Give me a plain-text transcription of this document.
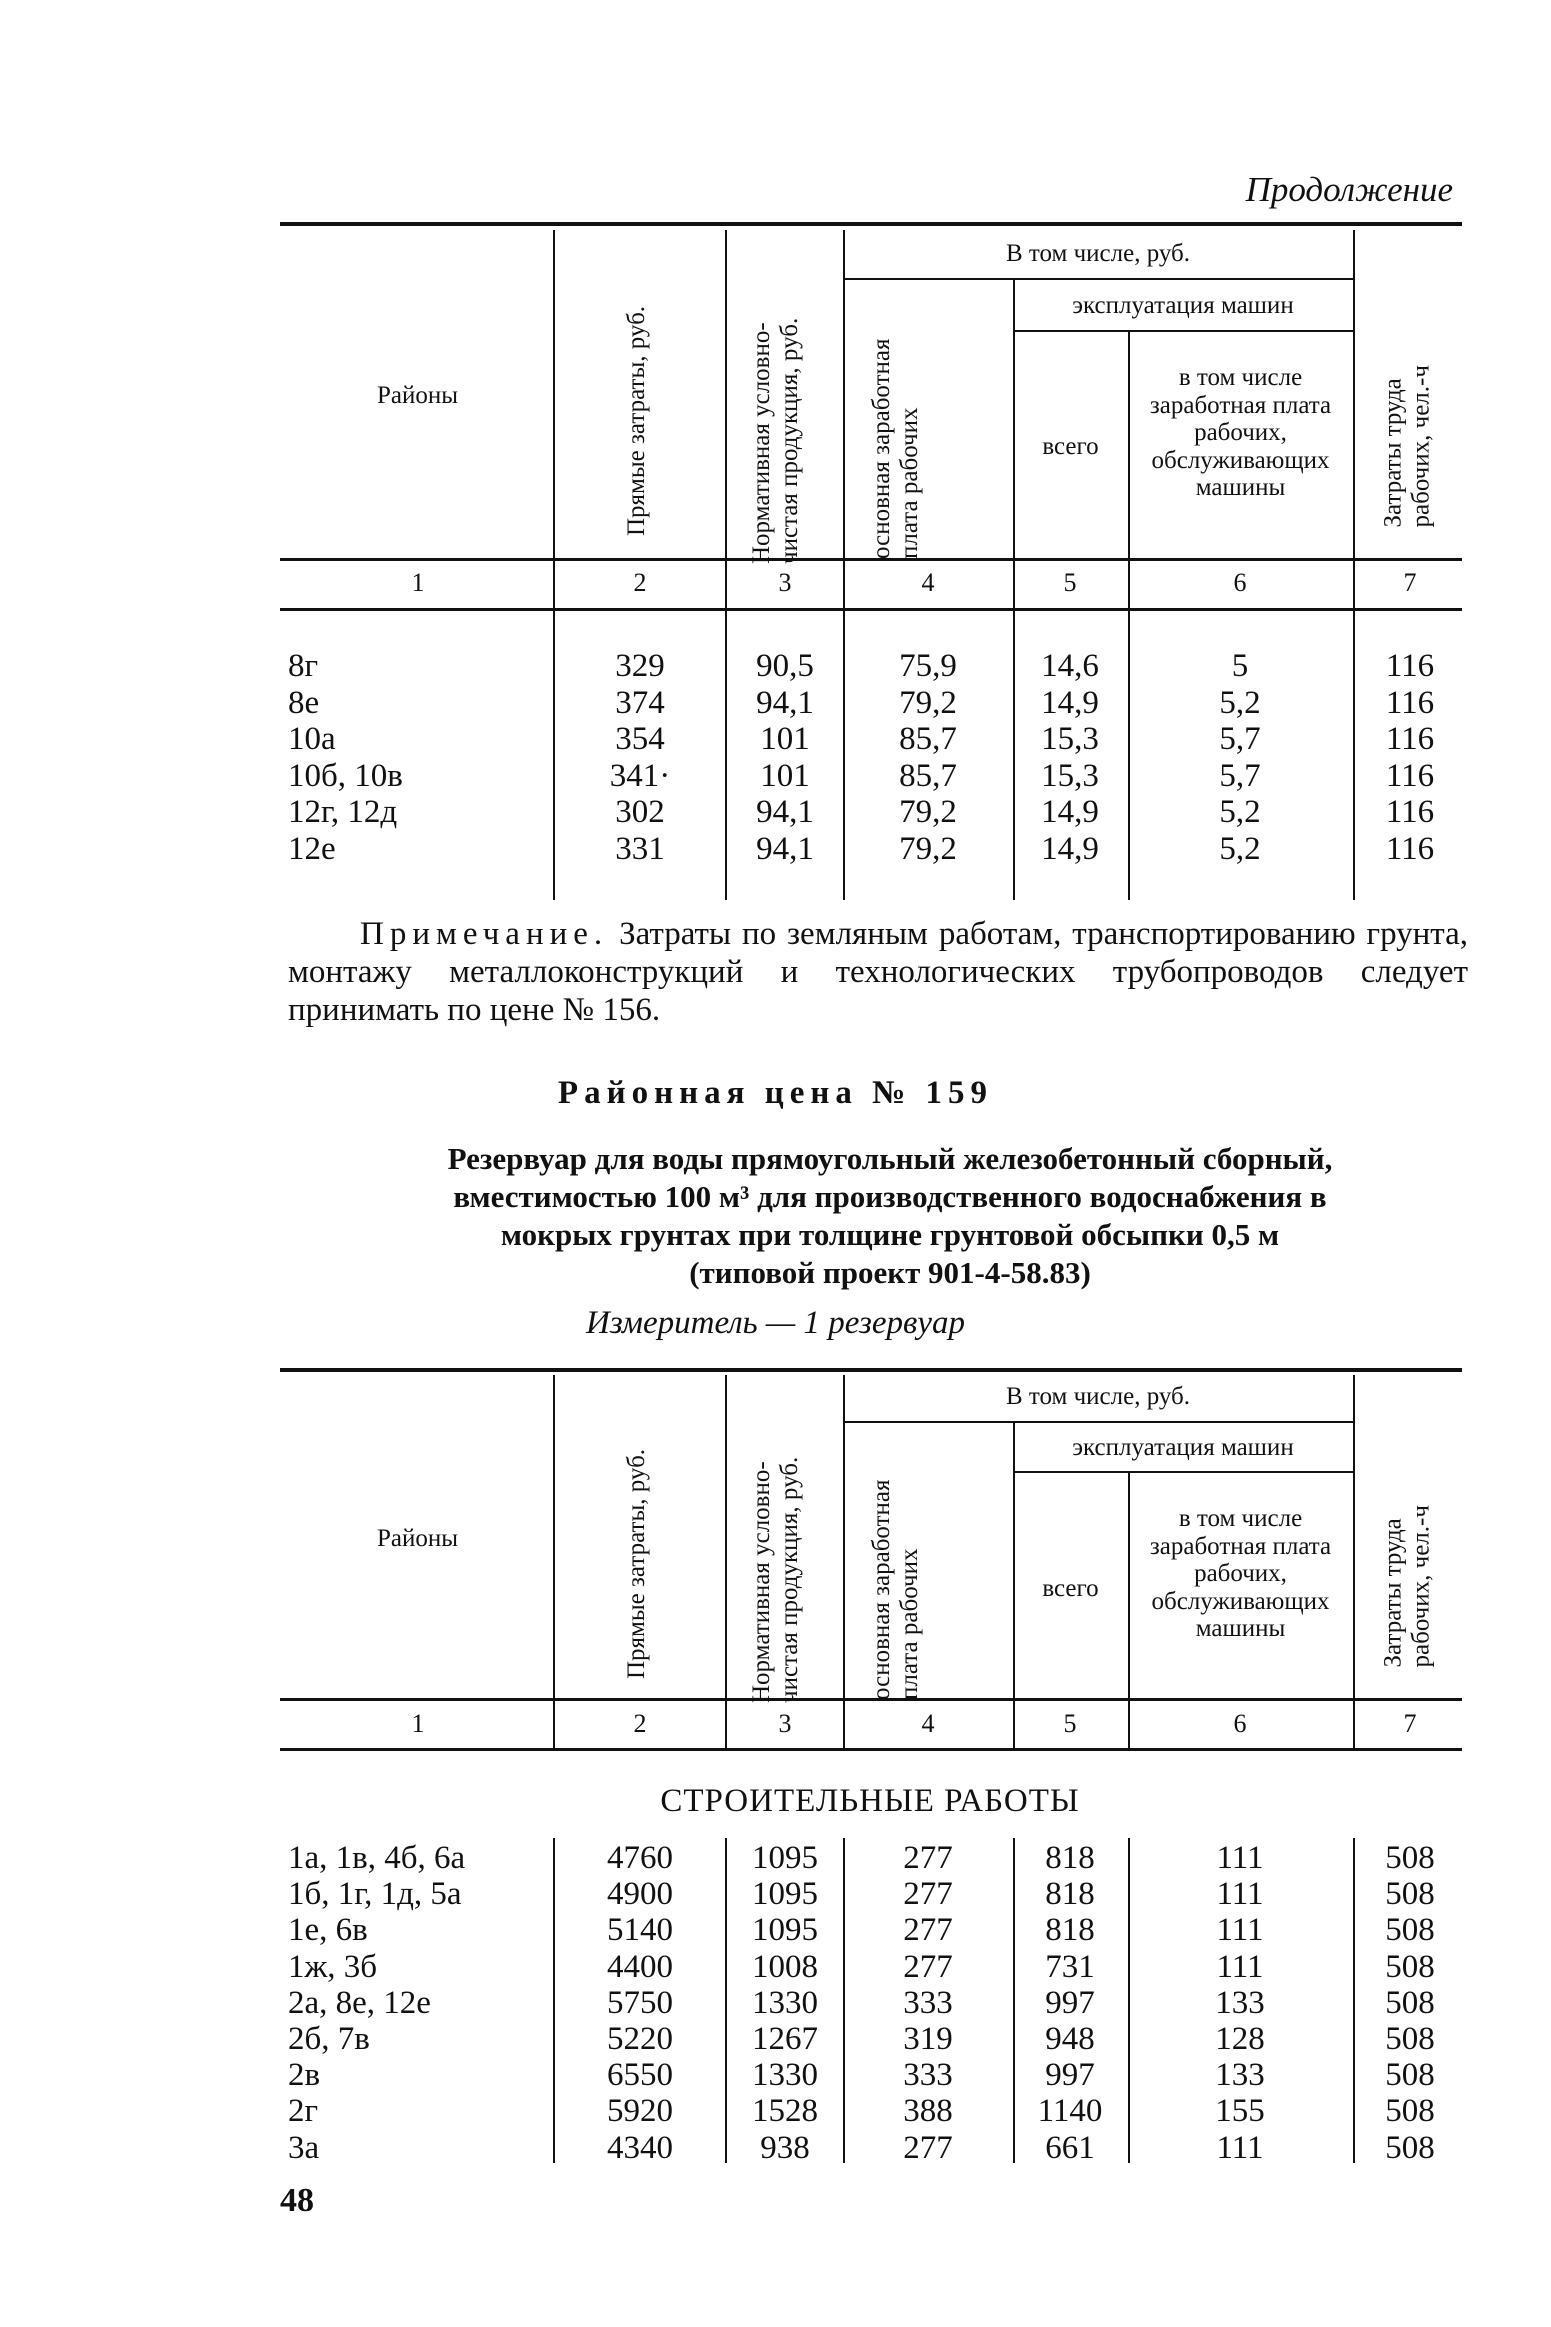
Продолжение
Районы	Прямые затраты, руб.	Нормативная условно-чистая продукция, руб.
В том числе, руб.
основная заработная плата рабочих
эксплуатация машин
всего
в том числе заработная плата рабочих, обслуживающих машины	Затраты труда рабочих, чел.-ч
1	2	3	4	5	6	7
8г	329	90,5	75,9	14,6	5	116
8е	374	94,1	79,2	14,9	5,2	116
10а	354	101	85,7	15,3	5,7	116
10б, 10в	341·	101	85,7	15,3	5,7	116
12г, 12д	302	94,1	79,2	14,9	5,2	116
12е	331	94,1	79,2	14,9	5,2	116
Примечание. Затраты по земляным работам, транспортированию грунта, монтажу металлоконструкций и технологических трубопроводов следует принимать по цене № 156.
Районная цена № 159
Резервуар для воды прямоугольный железобетонный сборный,
вместимостью 100 м³ для производственного водоснабжения в
мокрых грунтах при толщине грунтовой обсыпки 0,5 м
(типовой проект 901-4-58.83)
Измеритель — 1 резервуар
Районы	Прямые затраты, руб.	Нормативная условно-чистая продукция, руб.
В том числе, руб.
основная заработная плата рабочих
эксплуатация машин
всего
в том числе заработная плата рабочих, обслуживающих машины	Затраты труда рабочих, чел.-ч
1	2	3	4	5	6	7
СТРОИТЕЛЬНЫЕ РАБОТЫ
1а, 1в, 4б, 6а	4760	1095	277	818	111	508
1б, 1г, 1д, 5а	4900	1095	277	818	111	508
1е, 6в	5140	1095	277	818	111	508
1ж, 3б	4400	1008	277	731	111	508
2а, 8е, 12е	5750	1330	333	997	133	508
2б, 7в	5220	1267	319	948	128	508
2в	6550	1330	333	997	133	508
2г	5920	1528	388	1140	155	508
3а	4340	938	277	661	111	508
48
